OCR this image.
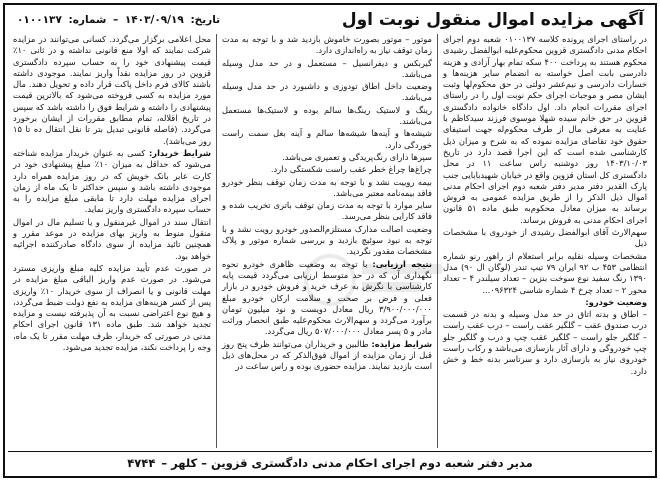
آگهی مزایده اموال منقول نوبت اول
تاریخ: ۱۴۰۳/۰۹/۱۹ – شماره: ۰۱۰۰۱۳۷

در راستای اجرای پرونده کلاسه ۰۱۰۰۱۳۷ شعبه دوم اجرای احکام مدنی دادگستری قزوین محکوم‌علیه ابوالفضل رشیدی محکوم هستند به پرداخت ۴۰۰ سکه تمام بهار آزادی و هزینه دادرسی بابت اصل خواسته به انضمام سایر هزینه‌ها و خسارات دادرسی و نیم‌عشر دولتی در حق محکوم‌لها وثبت ایشان مصر و موجبات اجرای حکم نوبت اول را در راستای اجرای مقررات انجام داد. اول دادگاه خانواده دادگستری قزوین در حق خانم سیده شهلا موسوی فرزند سیدکاظم با عنایت به معرفی مال از طرف محکوم‌له جهت استیفای حقوق خود تقاضای مزایده نموده که به شرح و میزان ذیل کارشناسی شده است که این اجرا قصد دارد در تاریخ ۱۴۰۳/۱۰/۰۳ روز دوشنبه راس ساعت ۱۱ در محل دادگستری کل استان قزوین واقع در خیابان شهیدبابایی جنب پارک القدیر دفتر مدیر دفتر شعبه دوم اجرای احکام مدنی اموال ذیل الذکر را از طریق مزایده عمومی به فروش برساند به میزان معادل محکوم‌به طبق ماده ۵۱ قانون اجرای احکام مدنی به فروش برساند.

سهم‌الارث آقای ابوالفضل رشیدی از خودروی با مشخصات ذیل

مشخصات وسیله نقلیه برابر استعلام از راهور رنو شماره انتظامی ۴۵۳ ب ۹۲ ایران ۷۹ تیپ تندر (لوگان ال ۹۰) مدل ۱۳۹۰ رنگ سفید نوع سوخت بنزین – تعداد سیلندر ۴ – تعداد محور ۲ – تعداد چرخ ۴ شماره شاسی ۰۹۶۳۲۴...

وضعیت خودرو:

– اطاق و بدنه اتاق در حد مدل وسیله و بدنه در قسمت درب صندوق عقب – گلگیر عقب راست – درب عقب راست – گلگیر جلو راست – گلگیر عقب چپ و درب و گلگیر جلو چپ خودروگی و دارای آثار بازسازی می‌باشد و رکاب راست خودروی نیاز به بازسازی دارد و سرتاسر بدنه خط و خش دارد.

موتور – موتور بصورت خاموش بازدید شد و با توجه به مدت زمان توقف نیاز به راه‌اندازی دارد.

گیربکس و دیفرانسیل – مستعمل و در حد مدل وسیله می‌باشد.

وضعیت داخل اطاق تودوزی و داشبورد در حد مدل وسیله می‌باشد.

رینگ و لاستیک رینگ‌ها سالم بوده و لاستیک‌ها مستعمل می‌باشند.

شیشه‌ها و آینه‌ها شیشه‌ها سالم و آینه بغل سمت راست خوردگی دارد.

سپرها دارای رنگ‌پریدگی و تعمیری می‌باشد.

چراغ‌ها چراغ خطر عقب راست شکستگی دارد.

بیمه روییت نشد و با توجه به مدت زمان توقف بنظر خودرو فاقد بیمه‌نامه معتبر می‌باشد.

سایر موارد با توجه به مدت زمان توقف باتری تخریب شده و فاقد کارایی بنظر می‌رسد.

وضعیت اصالت مدارک مستلزم‌الصدور خودرو رویت نشد و با توجه به نبود سوئیچ بازدید و بررسی شماره موتور و پلاک مشخصات مقدور نگردید.

نتیجه ارزیابی: با توجه به وضعیت ظاهری خودرو نحوه نگهداری آن که در حد متوسط ارزیابی می‌گردد قیمت پایه کارشناسی با نگرش به عرف خرید و فروش خودرو در بازار فعلی و فرض بر صحت و سلامت ارکان خودرو مبلغ ۳/۹۰۰/۰۰۰/۰۰۰ ریال معادل دویست و نود میلیون تومان برآورد می‌گردد و سهم‌الارث محکوم‌علیه طبق انحصار وراثت مادر و ۵ پسر معادل ۵۰۷/۰۰۰/۰۰۰ ریال می‌گردد.

شرایط مزایده: طالبین و خریداران می‌توانند ظرف پنج روز قبل از زمان مزایده از اموال فوق‌الذکر که در محل‌های ذیل است بازدید نمایند. مزایده حضوری بوده و راس ساعت در

محل اعلامی برگزار می‌گردد. کسانی می‌توانند در مزایده شرکت نمایند که اولا منع قانونی نداشته و در ثانی ۱۰٪ قیمت پیشنهادی خود را به حساب سپرده دادگستری قزوین در روز مزایده نقداً واریز نمایند. موجودی داشته باشند کالای فرم داخل پاکت قرار داده و تحویل دهند. مال مورد مزایده به کسی فروخته می‌شود که بالاترین قیمت پیشنهادی را داشته و شرایط فوق را داشته باشد که سپس در تاریخ اقلاله، تمام مطابق مقررات از ایشان برخورد می‌گردد. (فاصله قانونی تبدیل بتر تا نقل انتقال ده تا ۱۵ روز می‌باشد).

شرایط خریدار: کسی به عنوان خریدار مزایده شناخته می‌شود که حداقل به میزان ۱۰٪ مبلغ پیشنهادی خود در کارت عابر بانک خویش که در روز مزایده همراه دارد موجودی داشته باشد و سپس حداکثر تا یک ماه از زمان اجرای مزایده مهلت دارد تا مابقی مبلغ مزایده را به حساب سپرده دادگستری واریز نماید.

انتقال سند در اموال غیرمنقول و یا تسلیم مال در اموال منقول منوط به واریز بهای مزایده در موعد مقرر و همچنین تائید مزایده از سوی دادگاه صادرکننده اجرائیه خواهد بود.

در صورت عدم تأیید مزایده کلیه مبلغ واریزی مسترد می‌شود. در صورت عدم واریز الباقی مبلغ مزایده در مهلت قانونی و یا انصراف از سوی خریدار ۱۰٪ واریزی پس از کسر هزینه‌های مزایده به نفع دولت ضبط می‌گردد، و هیچ نوع اعتراضی نسبت به آن پذیرفته نیست و مزایده تجدید خواهد شد. طبق ماده ۱۳۱ قانون اجرای احکام مدنی در صورتی که خریدار، ظرف مهلت مقرر تا یک ماه، وجه را پرداخت نکند، مزایده تجدید می‌شود.

مدیر دفتر شعبه دوم اجرای احکام مدنی دادگستری قزوین – کلهر –
۴۷۴۴
